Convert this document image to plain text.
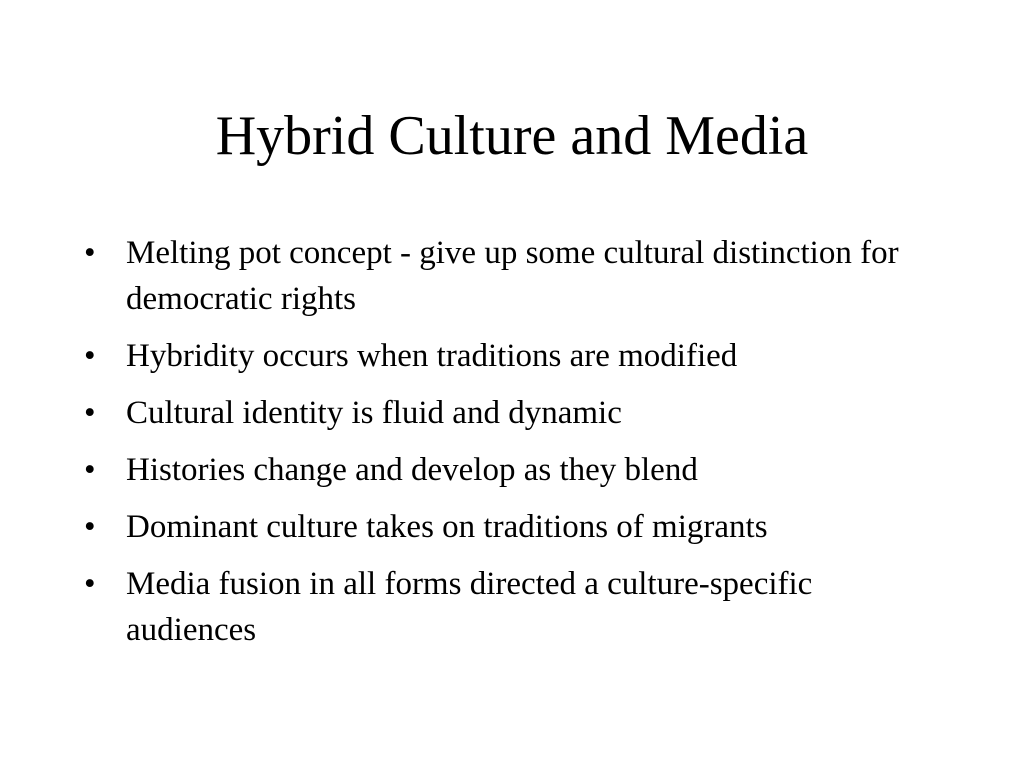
Hybrid Culture and Media
• Melting pot concept - give up some cultural distinction for democratic rights
• Hybridity occurs when traditions are modified
• Cultural identity is fluid and dynamic
• Histories change and develop as they blend
• Dominant culture takes on traditions of migrants
• Media fusion in all forms directed a culture-specific audiences
